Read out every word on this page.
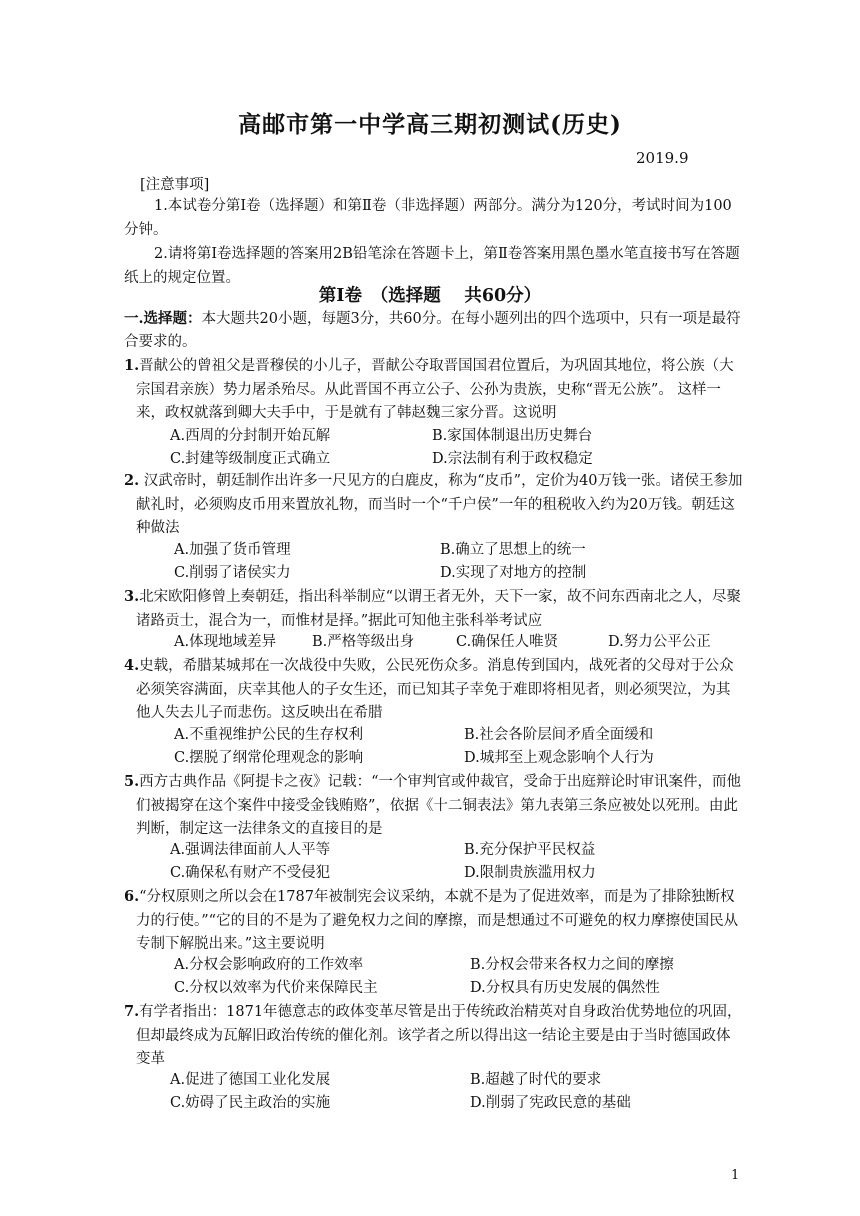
高邮市第一中学高三期初测试(历史)
2019.9
[注意事项]
1.本试卷分第Ⅰ卷（选择题）和第Ⅱ卷（非选择题）两部分。满分为120分，考试时间为100分钟。
2.请将第Ⅰ卷选择题的答案用2B铅笔涂在答题卡上，第Ⅱ卷答案用黑色墨水笔直接书写在答题纸上的规定位置。
第Ⅰ卷　（选择题　 共60分）
一.选择题：本大题共20小题，每题3分，共60分。在每小题列出的四个选项中，只有一项是最符合要求的。
1.晋献公的曾祖父是晋穆侯的小儿子，晋献公夺取晋国国君位置后，为巩固其地位，将公族（大宗国君亲族）势力屠杀殆尽。从此晋国不再立公子、公孙为贵族，史称“晋无公族”。 这样一来，政权就落到卿大夫手中，于是就有了韩赵魏三家分晋。这说明
A.西周的分封制开始瓦解	B.家国体制退出历史舞台
C.封建等级制度正式确立	D.宗法制有利于政权稳定
2. 汉武帝时，朝廷制作出许多一尺见方的白鹿皮，称为“皮币”，定价为40万钱一张。诸侯王参加献礼时，必须购皮币用来置放礼物，而当时一个“千户侯”一年的租税收入约为20万钱。朝廷这种做法
A.加强了货币管理	B.确立了思想上的统一
C.削弱了诸侯实力	D.实现了对地方的控制
3.北宋欧阳修曾上奏朝廷，指出科举制应“以谓王者无外，天下一家，故不问东西南北之人，尽聚诸路贡士，混合为一，而惟材是择。”据此可知他主张科举考试应
A.体现地域差异 B.严格等级出身	C.确保任人唯贤	D.努力公平公正
4.史载，希腊某城邦在一次战役中失败，公民死伤众多。消息传到国内，战死者的父母对于公众必须笑容满面，庆幸其他人的子女生还，而已知其子幸免于难即将相见者，则必须哭泣，为其他人失去儿子而悲伤。这反映出在希腊
A.不重视维护公民的生存权利	B.社会各阶层间矛盾全面缓和
C.摆脱了纲常伦理观念的影响	D.城邦至上观念影响个人行为
5.西方古典作品《阿提卡之夜》记载：“一个审判官或仲裁官，受命于出庭辩论时审讯案件，而他们被揭穿在这个案件中接受金钱贿赂”，依据《十二铜表法》第九表第三条应被处以死刑。由此判断，制定这一法律条文的直接目的是
A.强调法律面前人人平等	B.充分保护平民权益
C.确保私有财产不受侵犯	D.限制贵族滥用权力
6.“分权原则之所以会在1787年被制宪会议采纳，本就不是为了促进效率，而是为了排除独断权力的行使。”“它的目的不是为了避免权力之间的摩擦，而是想通过不可避免的权力摩擦使国民从专制下解脱出来。”这主要说明
A.分权会影响政府的工作效率	B.分权会带来各权力之间的摩擦
C.分权以效率为代价来保障民主	D.分权具有历史发展的偶然性
7.有学者指出：1871年德意志的政体变革尽管是出于传统政治精英对自身政治优势地位的巩固，但却最终成为瓦解旧政治传统的催化剂。该学者之所以得出这一结论主要是由于当时德国政体变革
A.促进了德国工业化发展	B.超越了时代的要求
C.妨碍了民主政治的实施	D.削弱了宪政民意的基础
1
